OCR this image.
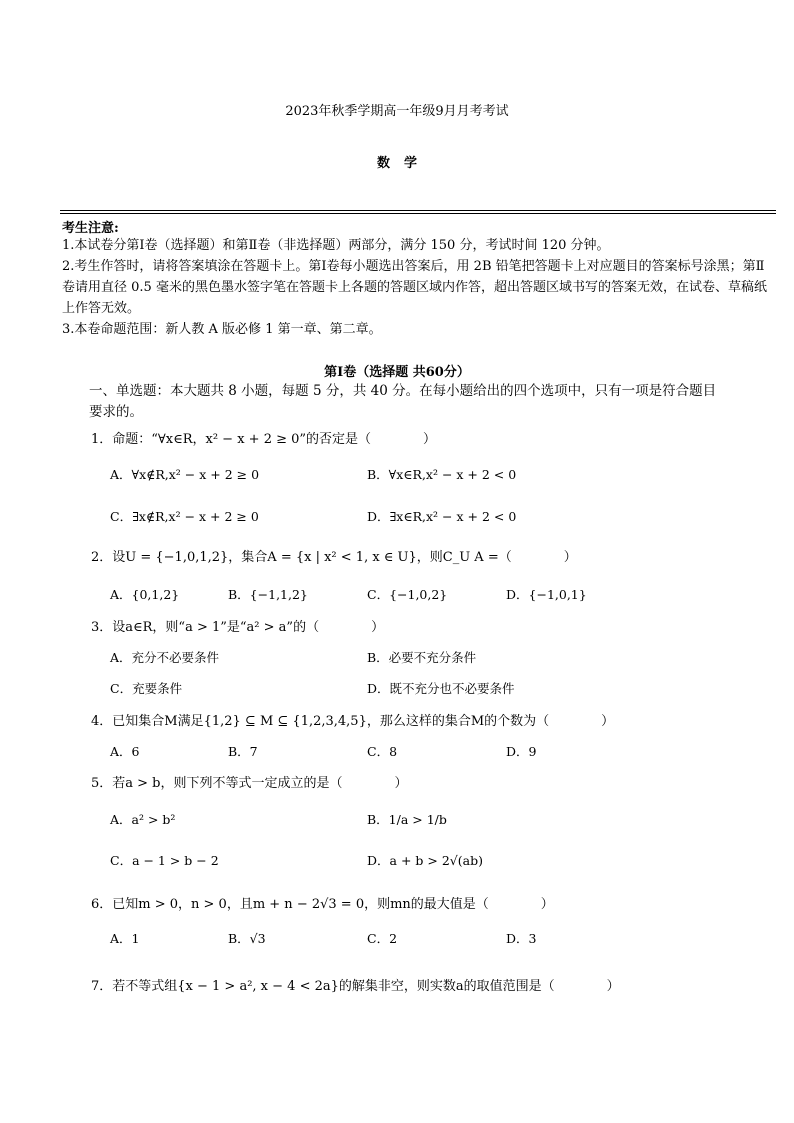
2023年秋季学期高一年级9月月考考试
数学
考生注意:
1.本试卷分第Ⅰ卷（选择题）和第Ⅱ卷（非选择题）两部分，满分 150 分，考试时间 120 分钟。
2.考生作答时，请将答案填涂在答题卡上。第Ⅰ卷每小题选出答案后，用 2B 铅笔把答题卡上对应题目的答案标号涂黑；第Ⅱ卷请用直径 0.5 毫米的黑色墨水签字笔在答题卡上各题的答题区域内作答，超出答题区域书写的答案无效，在试卷、草稿纸上作答无效。
3.本卷命题范围：新人教 A 版必修 1 第一章、第二章。
第Ⅰ卷（选择题 共60分）
一、单选题：本大题共 8 小题，每题 5 分，共 40 分。在每小题给出的四个选项中，只有一项是符合题目要求的。
1．命题：“∀x∈R，x² − x + 2 ≥ 0”的否定是（　　　　）
A．∀x∉R,x² − x + 2 ≥ 0	B．∀x∈R,x² − x + 2 < 0
C．∃x∉R,x² − x + 2 ≥ 0	D．∃x∈R,x² − x + 2 < 0
2．设U = {−1,0,1,2}，集合A = {x | x² < 1, x ∈ U}，则C_U A =（　　　　）
A．{0,1,2}	B．{−1,1,2}	C．{−1,0,2}	D．{−1,0,1}
3．设a∈R，则“a > 1”是“a² > a”的（　　　　）
A．充分不必要条件	B．必要不充分条件
C．充要条件	D．既不充分也不必要条件
4．已知集合M满足{1,2} ⊆ M ⊆ {1,2,3,4,5}，那么这样的集合M的个数为（　　　　）
A．6	B．7	C．8	D．9
5．若a > b，则下列不等式一定成立的是（　　　　）
A．a² > b²	B．1/a > 1/b
C．a − 1 > b − 2	D．a + b > 2√(ab)
6．已知m > 0，n > 0，且m + n − 2√3 = 0，则mn的最大值是（　　　　）
A．1	B．√3	C．2	D．3
7．若不等式组{x − 1 > a², x − 4 < 2a}的解集非空，则实数a的取值范围是（　　　　）
